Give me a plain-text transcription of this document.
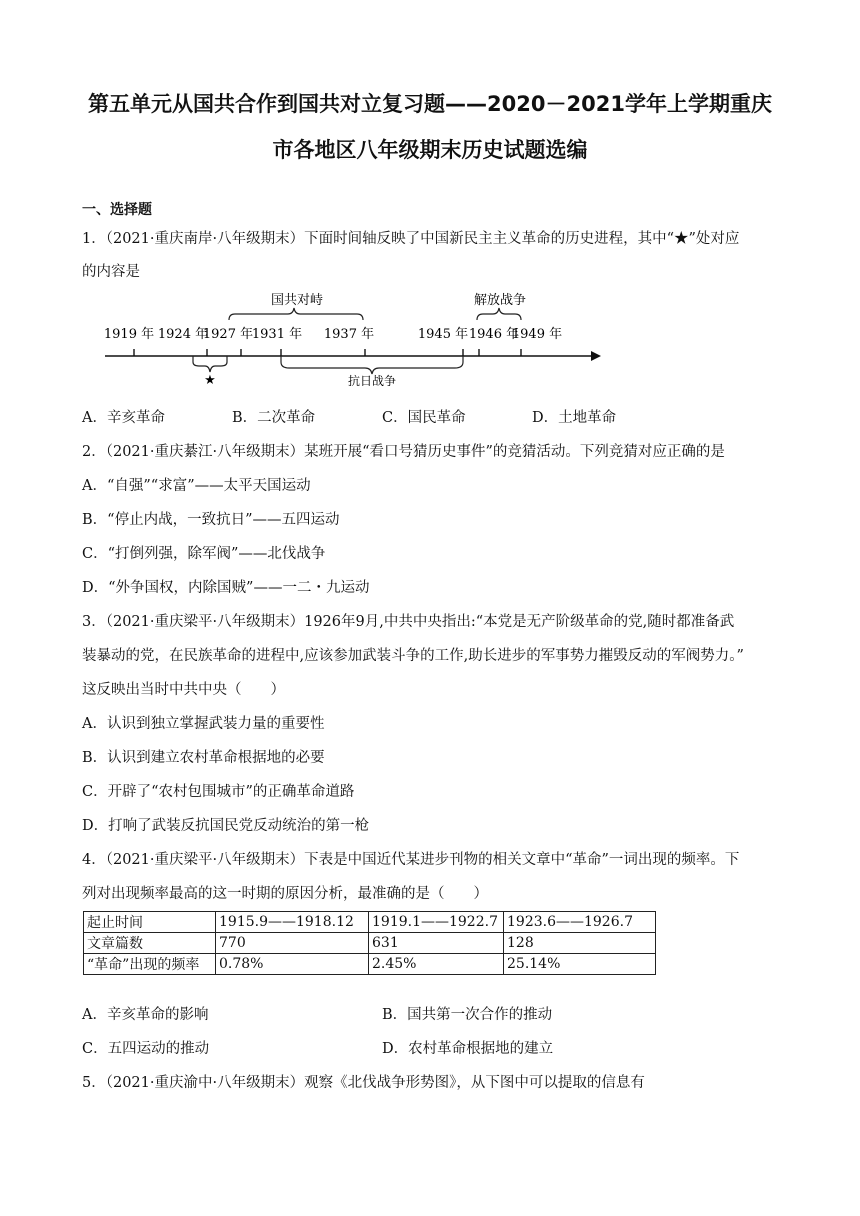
第五单元从国共合作到国共对立复习题——2020－2021学年上学期重庆
市各地区八年级期末历史试题选编
一、选择题
1．（2021·重庆南岸·八年级期末）下面时间轴反映了中国新民主主义革命的历史进程，其中“★”处对应
的内容是
国共对峙	解放战争
1919 年 1924 年
1927 年
1931 年 1937 年	1945 年 1946 年
1949 年
★	抗日战争
A．辛亥革命	B．二次革命	C．国民革命	D．土地革命
2．（2021·重庆綦江·八年级期末）某班开展“看口号猜历史事件”的竞猜活动。下列竞猜对应正确的是
A．“自强”“求富”——太平天国运动
B．“停止内战，一致抗日”——五四运动
C．“打倒列强，除军阀”——北伐战争
D．“外争国权，内除国贼”——一二・九运动
3．（2021·重庆梁平·八年级期末）1926年9月,中共中央指出:“本党是无产阶级革命的党,随时都准备武
装暴动的党，在民族革命的进程中,应该参加武装斗争的工作,助长进步的军事势力摧毁反动的军阀势力。”
这反映出当时中共中央（　　）
A．认识到独立掌握武装力量的重要性
B．认识到建立农村革命根据地的必要
C．开辟了“农村包围城市”的正确革命道路
D．打响了武装反抗国民党反动统治的第一枪
4．（2021·重庆梁平·八年级期末）下表是中国近代某进步刊物的相关文章中“革命”一词出现的频率。下
列对出现频率最高的这一时期的原因分析，最准确的是（　　）
起止时间	1915.9——1918.12	1919.1——1922.7	1923.6——1926.7
文章篇数	770	631	128
“革命”出现的频率	0.78%	2.45%	25.14%
A．辛亥革命的影响	B．国共第一次合作的推动
C．五四运动的推动	D．农村革命根据地的建立
5．（2021·重庆渝中·八年级期末）观察《北伐战争形势图》，从下图中可以提取的信息有
